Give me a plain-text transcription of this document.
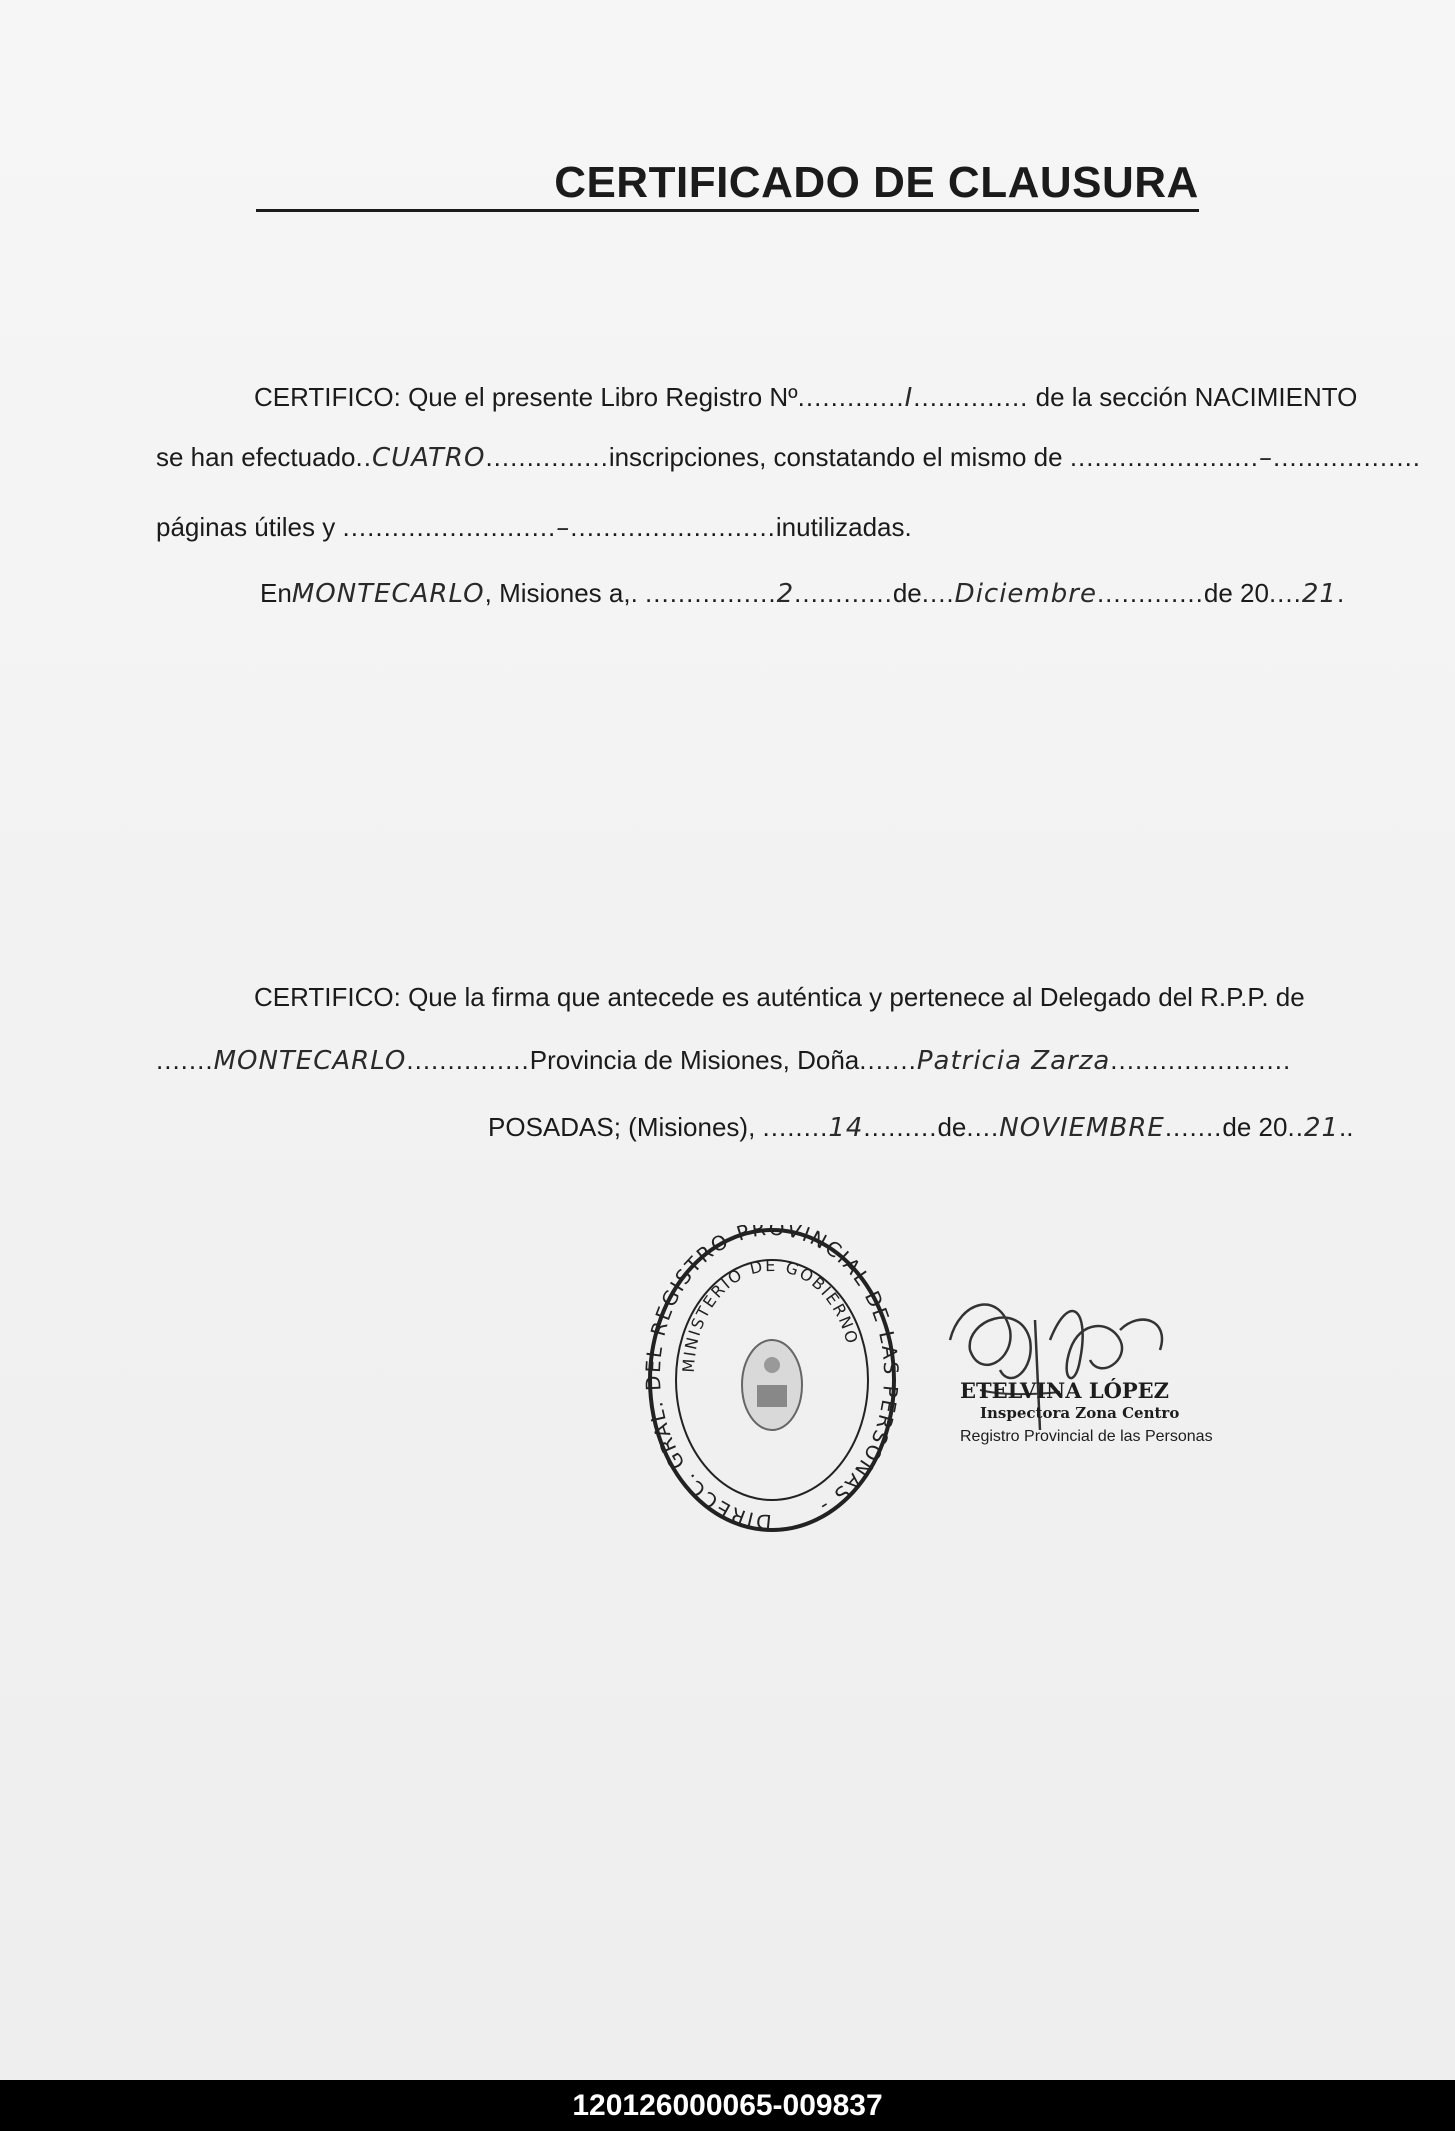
CERTIFICADO DE CLAUSURA
CERTIFICO: Que el presente Libro Registro Nº.............I.............. de la sección NACIMIENTO
se han efectuado..CUATRO...............inscripciones, constatando el mismo de .......................–..................
páginas útiles y ..........................–.........................inutilizadas.
EnMONTECARLO, Misiones a,. ................2............de....Diciembre.............de 20....21.
CERTIFICO: Que la firma que antecede es auténtica y pertenece al Delegado del R.P.P. de
.......MONTECARLO...............Provincia de Misiones, Doña.......Patricia Zarza......................
POSADAS; (Misiones), ........14.........de....NOVIEMBRE.......de 20..21..
DIRECC. GRAL. REGISTRO PROVINCIAL DE L ERSONAS -
MINISTERIO DE GOBIERNO
ETELVINA LÓPEZ
Inspectora Zona Centro
Registro Provincial de las Personas
120126000065-009837
